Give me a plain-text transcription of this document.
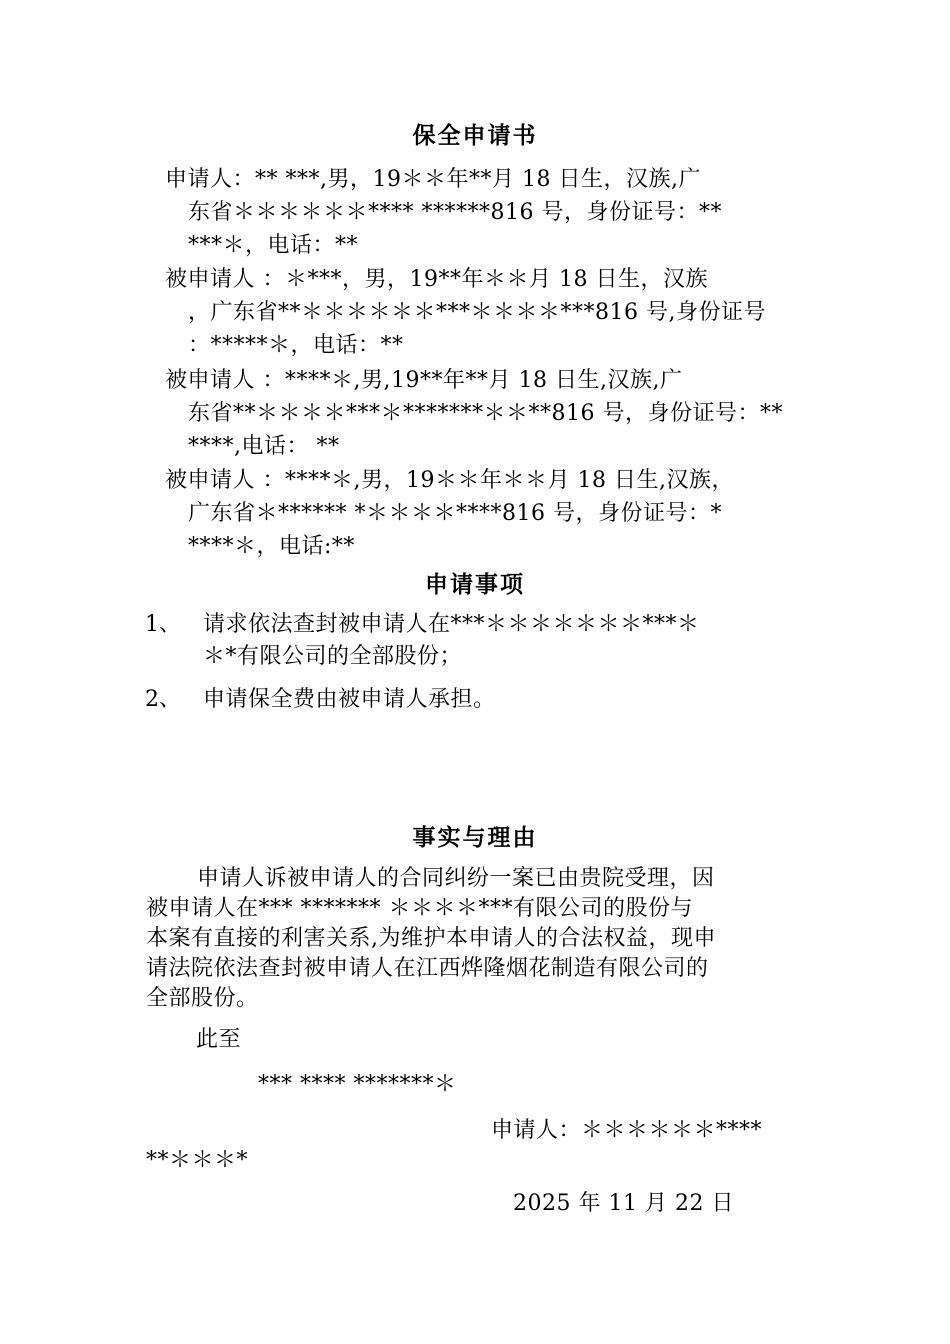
保全申请书
申请人：** ***,男，19＊＊年**月 18 日生，汉族,广
东省＊＊＊＊＊＊**** ******816 号，身份证号：**
***＊，电话：**
被申请人 ：＊***，男，19**年＊＊月 18 日生，汉族
，广东省**＊＊＊＊＊＊***＊＊＊＊***816 号,身份证号
：*****＊，电话：**
被申请人 ：****＊,男,19**年**月 18 日生,汉族,广
东省**＊＊＊＊***＊*******＊＊**816 号，身份证号：**
****,电话： **
被申请人 ：****＊,男，19＊＊年＊＊月 18 日生,汉族，
广东省＊****** *＊＊＊＊****816 号，身份证号：*
****＊，电话:**
申请事项
1、 请求依法查封被申请人在***＊＊＊＊＊＊＊***＊
＊*有限公司的全部股份；
2、 申请保全费由被申请人承担。
事实与理由
申请人诉被申请人的合同纠纷一案已由贵院受理，因
被申请人在*** ******* ＊＊＊＊***有限公司的股份与
本案有直接的利害关系,为维护本申请人的合法权益，现申
请法院依法查封被申请人在江西烨隆烟花制造有限公司的
全部股份。
此至
*** **** *******＊
申请人：＊＊＊＊＊＊****
**＊＊＊*
2025 年 11 月 22 日
